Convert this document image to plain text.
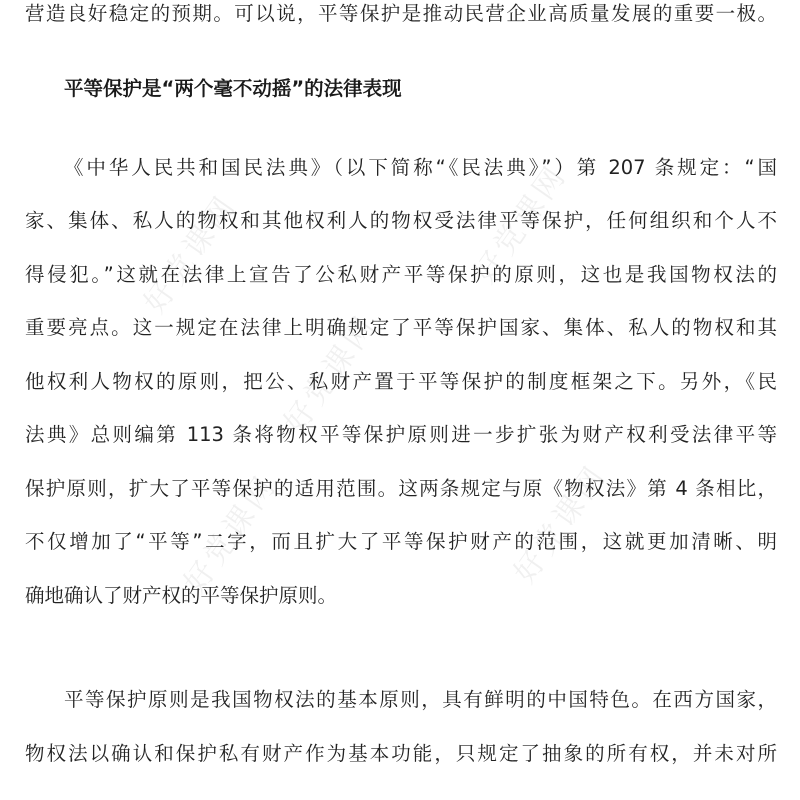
好党课网	好党课网
好党课网	好党课网
好党课网
营造良好稳定的预期。可以说，平等保护是推动民营企业高质量发展的重要一极。
平等保护是“两个毫不动摇”的法律表现
《中华人民共和国民法典》（以下简称“《民法典》”）第 207 条规定：“国
家、集体、私人的物权和其他权利人的物权受法律平等保护，任何组织和个人不
得侵犯。”这就在法律上宣告了公私财产平等保护的原则，这也是我国物权法的
重要亮点。这一规定在法律上明确规定了平等保护国家、集体、私人的物权和其
他权利人物权的原则，把公、私财产置于平等保护的制度框架之下。另外，《民
法典》总则编第 113 条将物权平等保护原则进一步扩张为财产权利受法律平等
保护原则，扩大了平等保护的适用范围。这两条规定与原《物权法》第 4 条相比，
不仅增加了“平等”二字，而且扩大了平等保护财产的范围，这就更加清晰、明
确地确认了财产权的平等保护原则。
平等保护原则是我国物权法的基本原则，具有鲜明的中国特色。在西方国家，
物权法以确认和保护私有财产作为基本功能，只规定了抽象的所有权，并未对所
